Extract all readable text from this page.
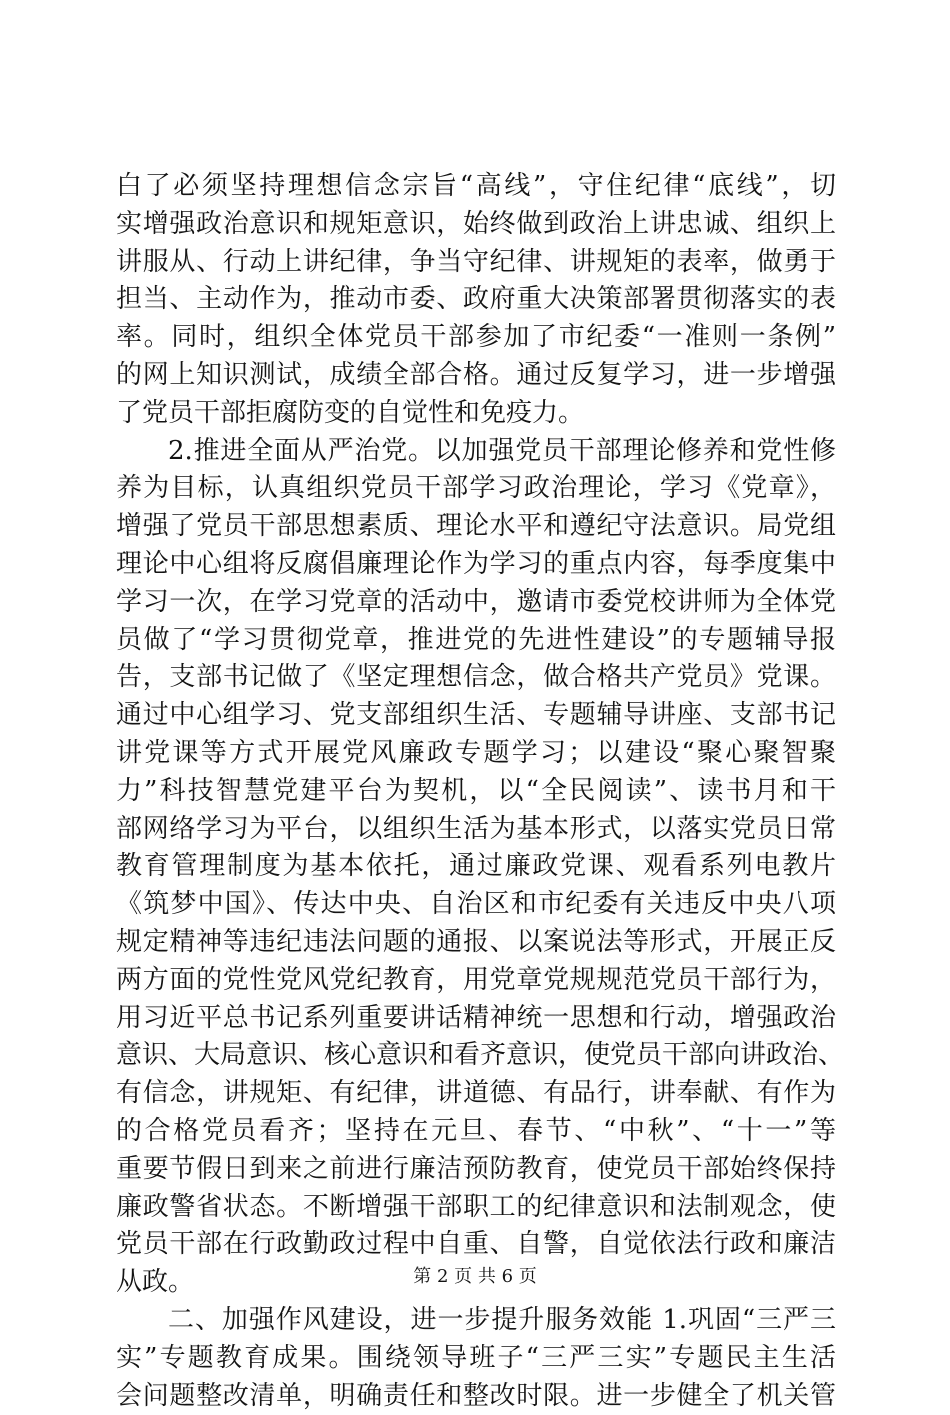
白了必须坚持理想信念宗旨“高线”，守住纪律“底线”，切
实增强政治意识和规矩意识，始终做到政治上讲忠诚、组织上
讲服从、行动上讲纪律，争当守纪律、讲规矩的表率，做勇于
担当、主动作为，推动市委、政府重大决策部署贯彻落实的表
率。同时，组织全体党员干部参加了市纪委“一准则一条例”
的网上知识测试，成绩全部合格。通过反复学习，进一步增强
了党员干部拒腐防变的自觉性和免疫力。
2.推进全面从严治党。以加强党员干部理论修养和党性修
养为目标，认真组织党员干部学习政治理论，学习《党章》，
增强了党员干部思想素质、理论水平和遵纪守法意识。局党组
理论中心组将反腐倡廉理论作为学习的重点内容，每季度集中
学习一次，在学习党章的活动中，邀请市委党校讲师为全体党
员做了“学习贯彻党章，推进党的先进性建设”的专题辅导报
告，支部书记做了《坚定理想信念，做合格共产党员》党课。
通过中心组学习、党支部组织生活、专题辅导讲座、支部书记
讲党课等方式开展党风廉政专题学习；以建设“聚心聚智聚
力”科技智慧党建平台为契机，以“全民阅读”、读书月和干
部网络学习为平台，以组织生活为基本形式，以落实党员日常
教育管理制度为基本依托，通过廉政党课、观看系列电教片
《筑梦中国》、传达中央、自治区和市纪委有关违反中央八项
规定精神等违纪违法问题的通报、以案说法等形式，开展正反
两方面的党性党风党纪教育，用党章党规规范党员干部行为，
用习近平总书记系列重要讲话精神统一思想和行动，增强政治
意识、大局意识、核心意识和看齐意识，使党员干部向讲政治、
有信念，讲规矩、有纪律，讲道德、有品行，讲奉献、有作为
的合格党员看齐；坚持在元旦、春节、“中秋”、“十一”等
重要节假日到来之前进行廉洁预防教育，使党员干部始终保持
廉政警省状态。不断增强干部职工的纪律意识和法制观念，使
党员干部在行政勤政过程中自重、自警，自觉依法行政和廉洁
从政。
二、加强作风建设，进一步提升服务效能 1.巩固“三严三
实”专题教育成果。围绕领导班子“三严三实”专题民主生活
会问题整改清单，明确责任和整改时限。进一步健全了机关管
第 2 页 共 6 页
